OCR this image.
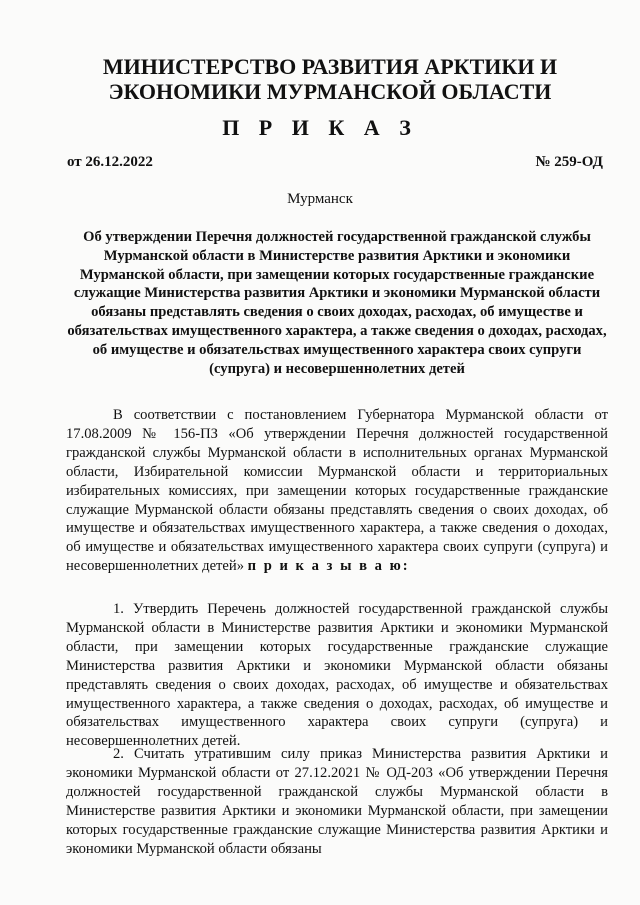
МИНИСТЕРСТВО РАЗВИТИЯ АРКТИКИ И ЭКОНОМИКИ МУРМАНСКОЙ ОБЛАСТИ
П Р И К А З
от 26.12.2022	№ 259-ОД
Мурманск
Об утверждении Перечня должностей государственной гражданской службы Мурманской области в Министерстве развития Арктики и экономики Мурманской области, при замещении которых государственные гражданские служащие Министерства развития Арктики и экономики Мурманской области обязаны представлять сведения о своих доходах, расходах, об имуществе и обязательствах имущественного характера, а также сведения о доходах, расходах, об имуществе и обязательствах имущественного характера своих супруги (супруга) и несовершеннолетних детей

В соответствии с постановлением Губернатора Мурманской области от 17.08.2009 № 156-ПЗ «Об утверждении Перечня должностей государственной гражданской службы Мурманской области в исполнительных органах Мурманской области, Избирательной комиссии Мурманской области и территориальных избирательных комиссиях, при замещении которых государственные гражданские служащие Мурманской области обязаны представлять сведения о своих доходах, об имуществе и обязательствах имущественного характера, а также сведения о доходах, об имуществе и обязательствах имущественного характера своих супруги (супруга) и несовершеннолетних детей» п р и к а з ы в а ю:

1. Утвердить Перечень должностей государственной гражданской службы Мурманской области в Министерстве развития Арктики и экономики Мурманской области, при замещении которых государственные гражданские служащие Министерства развития Арктики и экономики Мурманской области обязаны представлять сведения о своих доходах, расходах, об имуществе и обязательствах имущественного характера, а также сведения о доходах, расходах, об имуществе и обязательствах имущественного характера своих супруги (супруга) и несовершеннолетних детей.

2. Считать утратившим силу приказ Министерства развития Арктики и экономики Мурманской области от 27.12.2021 № ОД-203 «Об утверждении Перечня должностей государственной гражданской службы Мурманской области в Министерстве развития Арктики и экономики Мурманской области, при замещении которых государственные гражданские служащие Министерства развития Арктики и экономики Мурманской области обязаны
